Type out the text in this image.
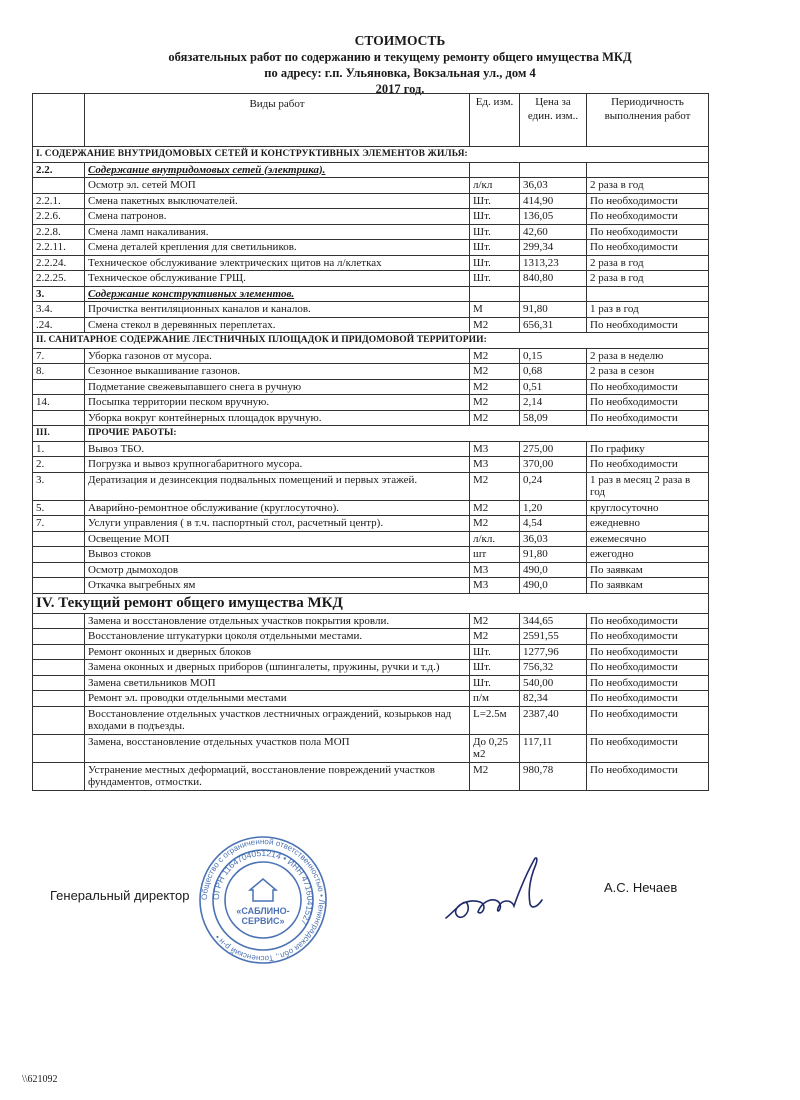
СТОИМОСТЬ
обязательных работ по содержанию и текущему ремонту общего имущества МКД
по адресу: г.п. Ульяновка, Вокзальная ул., дом 4
2017 год.
	Виды работ	Ед. изм.	Цена за един. изм..	Периодичность выполнения работ
I. СОДЕРЖАНИЕ ВНУТРИДОМОВЫХ СЕТЕЙ И КОНСТРУКТИВНЫХ ЭЛЕМЕНТОВ ЖИЛЬЯ:				
2.2.	Содержание внутридомовых сетей (электрика).			
	Осмотр эл. сетей МОП	л/кл	36,03	2 раза в год
2.2.1.	Смена пакетных выключателей.	Шт.	414,90	По необходимости
2.2.6.	Смена патронов.	Шт.	136,05	По необходимости
2.2.8.	Смена ламп накаливания.	Шт.	42,60	По необходимости
2.2.11.	Смена деталей крепления для светильников.	Шт.	299,34	По необходимости
2.2.24.	Техническое обслуживание электрических щитов на л/клетках	Шт.	1313,23	2 раза в год
2.2.25.	Техническое обслуживание ГРЩ.	Шт.	840,80	2 раза в год
3.	Содержание конструктивных элементов.			
3.4.	Прочистка вентиляционных каналов и каналов.	М	91,80	1 раз в год
.24.	Смена стекол в деревянных переплетах.	М2	656,31	По необходимости
II. САНИТАРНОЕ СОДЕРЖАНИЕ ЛЕСТНИЧНЫХ ПЛОЩАДОК И ПРИДОМОВОЙ ТЕРРИТОРИИ:				
7.	Уборка газонов от мусора.	М2	0,15	2 раза в неделю
8.	Сезонное выкашивание газонов.	М2	0,68	2 раза в сезон
	Подметание свежевыпавшего снега в ручную	М2	0,51	По необходимости
14.	Посыпка территории песком вручную.	М2	2,14	По необходимости
	Уборка вокруг контейнерных площадок вручную.	М2	58,09	По необходимости
III.	ПРОЧИЕ РАБОТЫ:			
1.	Вывоз ТБО.	М3	275,00	По графику
2.	Погрузка и вывоз крупногабаритного мусора.	М3	370,00	По необходимости
3.	Дератизация и дезинсекция подвальных помещений и первых этажей.	М2	0,24	1 раз в месяц 2 раза в год
5.	Аварийно-ремонтное обслуживание (круглосуточно).	М2	1,20	круглосуточно
7.	Услуги управления ( в т.ч. паспортный стол, расчетный центр).	М2	4,54	ежедневно
	Освещение МОП	л/кл.	36,03	ежемесячно
	Вывоз стоков	шт	91,80	ежегодно
	Осмотр дымоходов	М3	490,0	По заявкам
	Откачка выгребных ям	М3	490,0	По заявкам
IV. Текущий ремонт общего имущества МКД				
	Замена и восстановление отдельных участков покрытия кровли.	М2	344,65	По необходимости
	Восстановление штукатурки цоколя отдельными местами.	М2	2591,55	По необходимости
	Ремонт оконных и дверных блоков	Шт.	1277,96	По необходимости
	Замена оконных и дверных приборов (шпингалеты, пружины, ручки и т.д.)	Шт.	756,32	По необходимости
	Замена светильников МОП	Шт.	540,00	По необходимости
	Ремонт эл. проводки отдельными местами	п/м	82,34	По необходимости
	Восстановление отдельных участков лестничных ограждений, козырьков над входами в подъезды.	L=2.5м	2387,40	По необходимости
	Замена, восстановление отдельных участков пола МОП	До 0,25 м2	117,11	По необходимости
	Устранение местных деформаций, восстановление повреждений участков фундаментов, отмостки.	М2	980,78	По необходимости
Общество с ограниченной ответственностью • Ленинградская обл., Тосненский р-н •
ОГРН 1164704051214 • ИНН 4716041527
«САБЛИНО-
СЕРВИС»
Генеральный директор
А.С. Нечаев
\\621092
